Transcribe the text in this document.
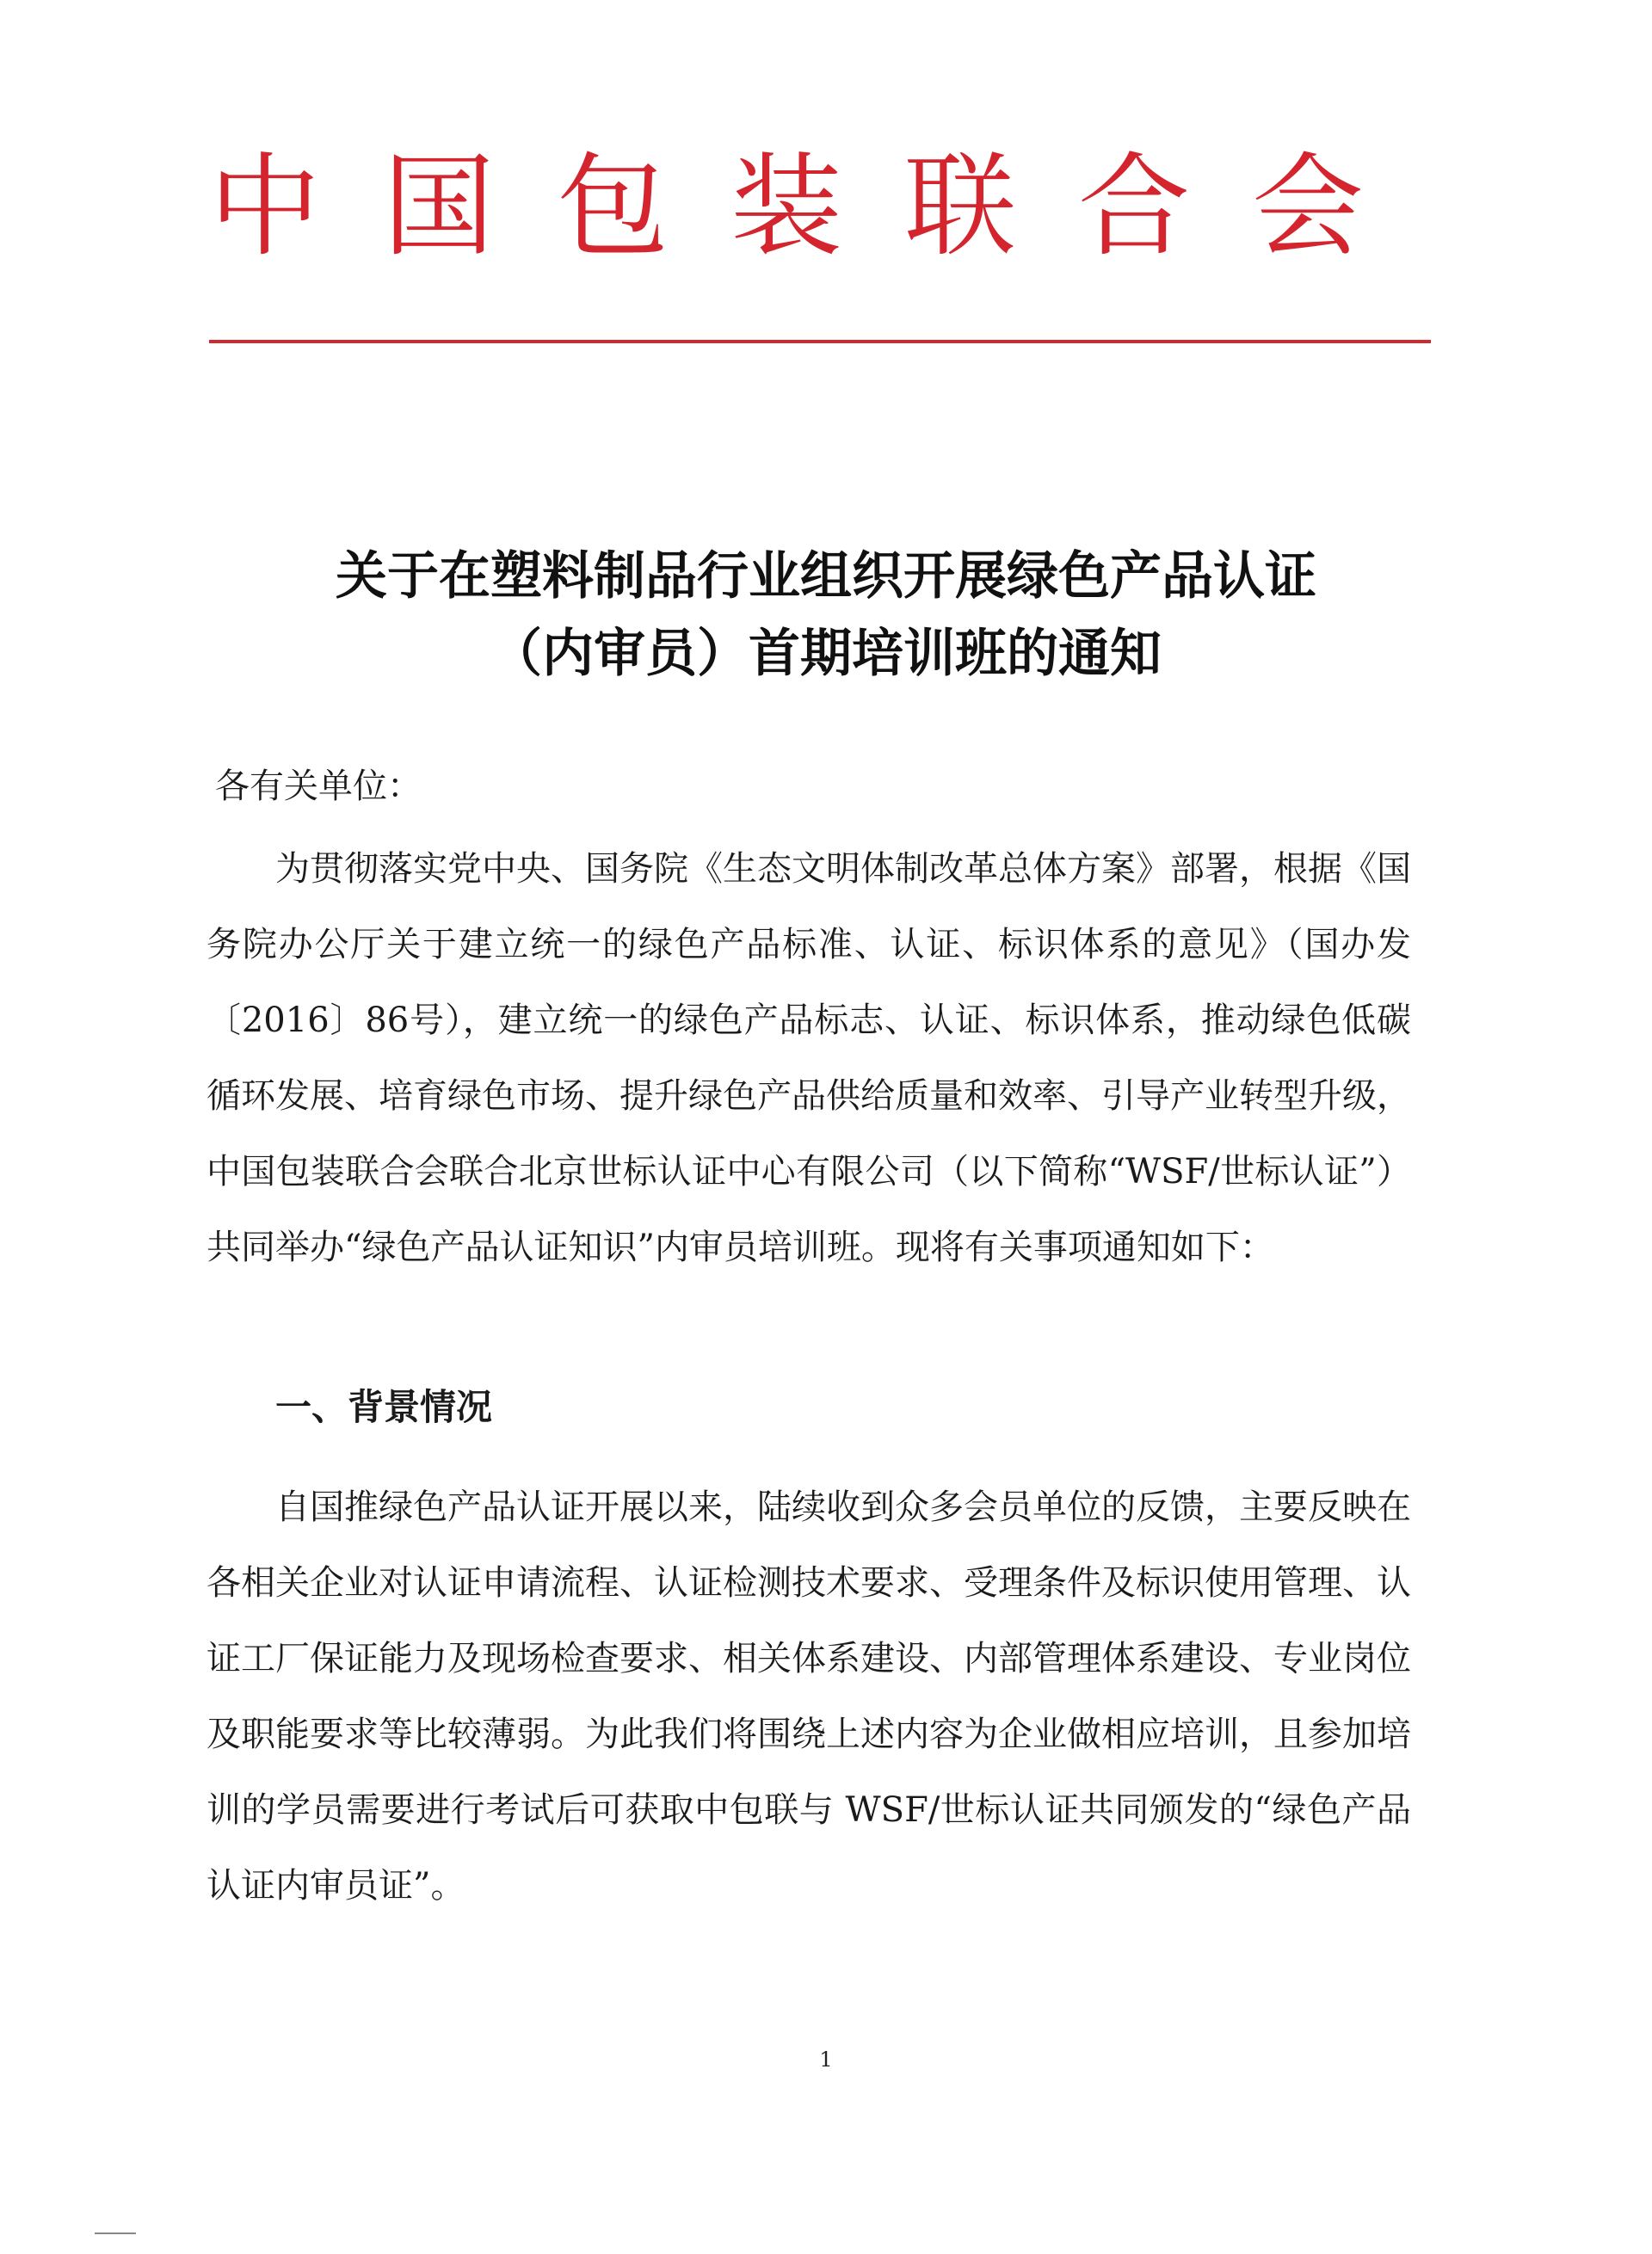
中国包装联合会
关于在塑料制品行业组织开展绿色产品认证
（内审员）首期培训班的通知
各有关单位：

为贯彻落实党中央、国务院《生态文明体制改革总体方案》部署，根据《国务院办公厅关于建立统一的绿色产品标准、认证、标识体系的意见》（国办发〔2016〕86号），建立统一的绿色产品标志、认证、标识体系，推动绿色低碳循环发展、培育绿色市场、提升绿色产品供给质量和效率、引导产业转型升级，中国包装联合会联合北京世标认证中心有限公司（以下简称“WSF/世标认证”）共同举办“绿色产品认证知识”内审员培训班。现将有关事项通知如下：

一、背景情况

自国推绿色产品认证开展以来，陆续收到众多会员单位的反馈，主要反映在各相关企业对认证申请流程、认证检测技术要求、受理条件及标识使用管理、认证工厂保证能力及现场检查要求、相关体系建设、内部管理体系建设、专业岗位及职能要求等比较薄弱。为此我们将围绕上述内容为企业做相应培训，且参加培训的学员需要进行考试后可获取中包联与 WSF/世标认证共同颁发的“绿色产品认证内审员证”。

1
